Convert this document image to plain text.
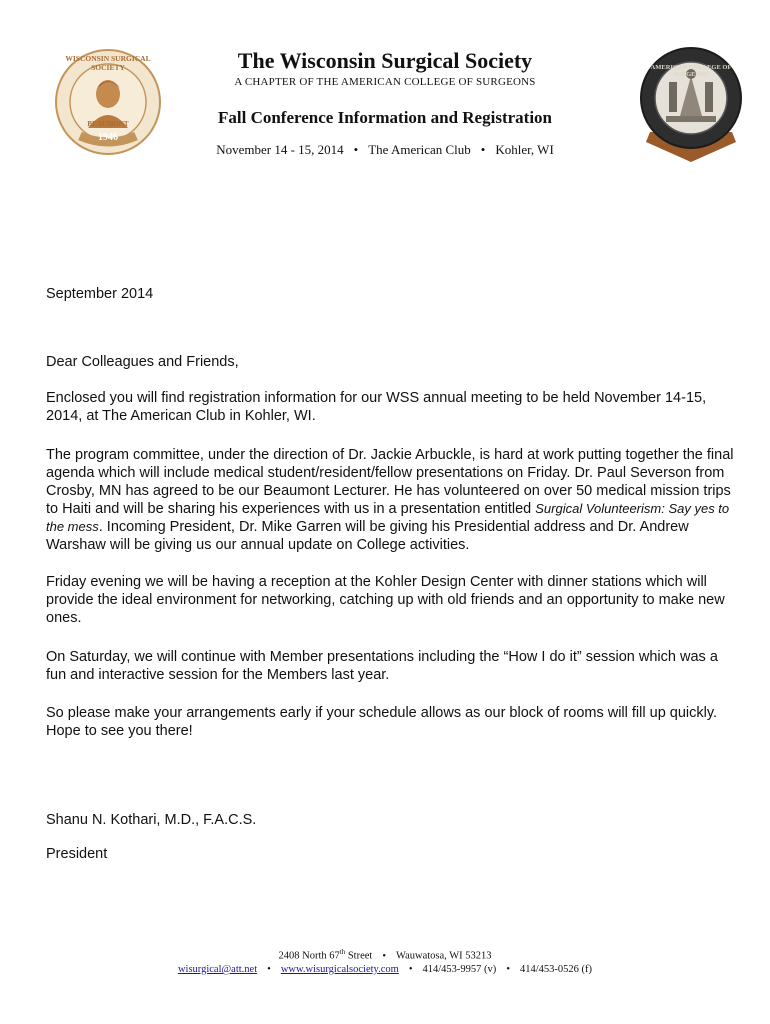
WISCONSIN SURGICAL SOCIETY
BEAUMONT
1946
AMERICAN COLLEGE OF SURGEONS
The Wisconsin Surgical Society
A CHAPTER OF THE AMERICAN COLLEGE OF SURGEONS
Fall Conference Information and Registration
November 14 - 15, 2014 • The American Club • Kohler, WI
September 2014
Dear Colleagues and Friends,
Enclosed you will find registration information for our WSS annual meeting to be held November 14-15, 2014, at The American Club in Kohler, WI.
The program committee, under the direction of Dr. Jackie Arbuckle, is hard at work putting together the final agenda which will include medical student/resident/fellow presentations on Friday. Dr. Paul Severson from Crosby, MN has agreed to be our Beaumont Lecturer. He has volunteered on over 50 medical mission trips to Haiti and will be sharing his experiences with us in a presentation entitled Surgical Volunteerism: Say yes to the mess. Incoming President, Dr. Mike Garren will be giving his Presidential address and Dr. Andrew Warshaw will be giving us our annual update on College activities.
Friday evening we will be having a reception at the Kohler Design Center with dinner stations which will provide the ideal environment for networking, catching up with old friends and an opportunity to make new ones.
On Saturday, we will continue with Member presentations including the “How I do it” session which was a fun and interactive session for the Members last year.
So please make your arrangements early if your schedule allows as our block of rooms will fill up quickly. Hope to see you there!
Shanu N. Kothari, M.D., F.A.C.S.
President
2408 North 67th Street • Wauwatosa, WI 53213
wisurgical@att.net • www.wisurgicalsociety.com • 414/453-9957 (v) • 414/453-0526 (f)
